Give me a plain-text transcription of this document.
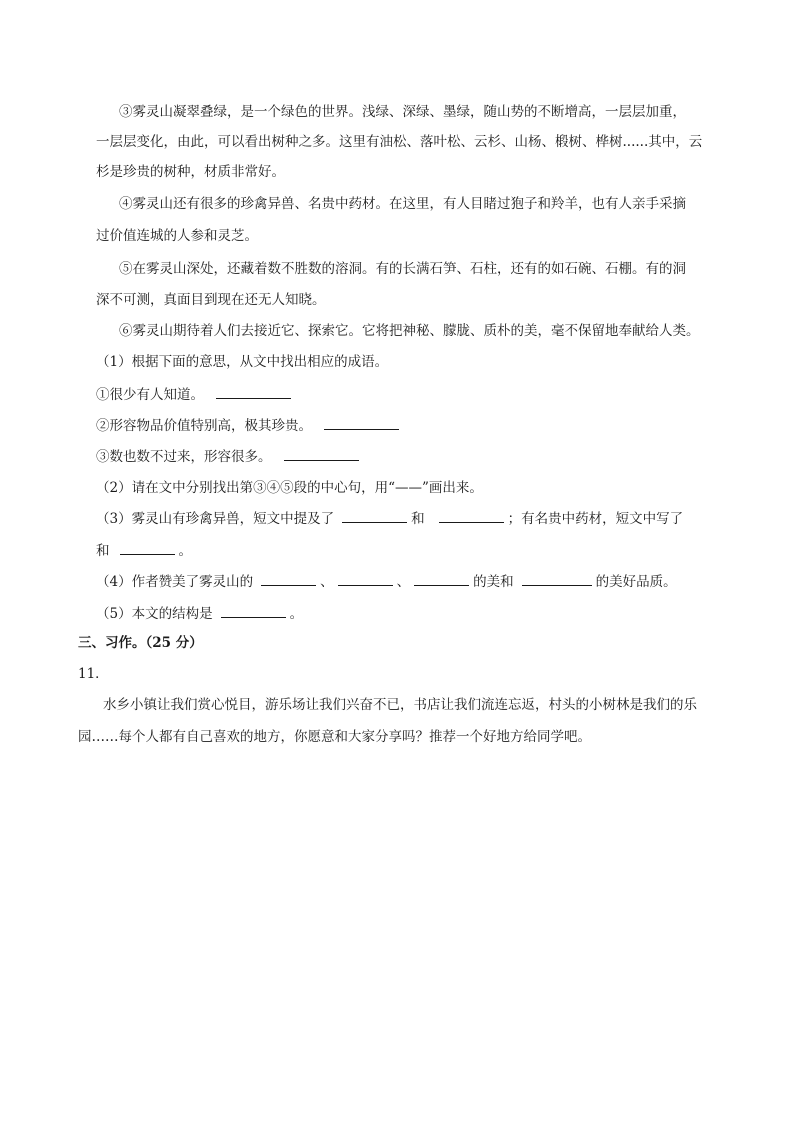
③雾灵山凝翠叠绿，是一个绿色的世界。浅绿、深绿、墨绿，随山势的不断增高，一层层加重，
一层层变化，由此，可以看出树种之多。这里有油松、落叶松、云杉、山杨、椴树、桦树......其中，云
杉是珍贵的树种，材质非常好。
④雾灵山还有很多的珍禽异兽、名贵中药材。在这里，有人目睹过狍子和羚羊，也有人亲手采摘
过价值连城的人参和灵芝。
⑤在雾灵山深处，还藏着数不胜数的溶洞。有的长满石笋、石柱，还有的如石碗、石棚。有的洞
深不可测，真面目到现在还无人知晓。
⑥雾灵山期待着人们去接近它、探索它。它将把神秘、朦胧、质朴的美，毫不保留地奉献给人类。
（1）根据下面的意思，从文中找出相应的成语。
①很少有人知道。
②形容物品价值特别高，极其珍贵。
③数也数不过来，形容很多。
（2）请在文中分别找出第③④⑤段的中心句，用“——”画出来。
（3）雾灵山有珍禽异兽，短文中提及了	和	；有名贵中药材，短文中写了
和	。
（4）作者赞美了雾灵山的	、	、	的美和	的美好品质。
（5）本文的结构是	。
三、习作。（25 分）
11．
水乡小镇让我们赏心悦目，游乐场让我们兴奋不已，书店让我们流连忘返，村头的小树林是我们的乐
园……每个人都有自己喜欢的地方，你愿意和大家分享吗？推荐一个好地方给同学吧。
